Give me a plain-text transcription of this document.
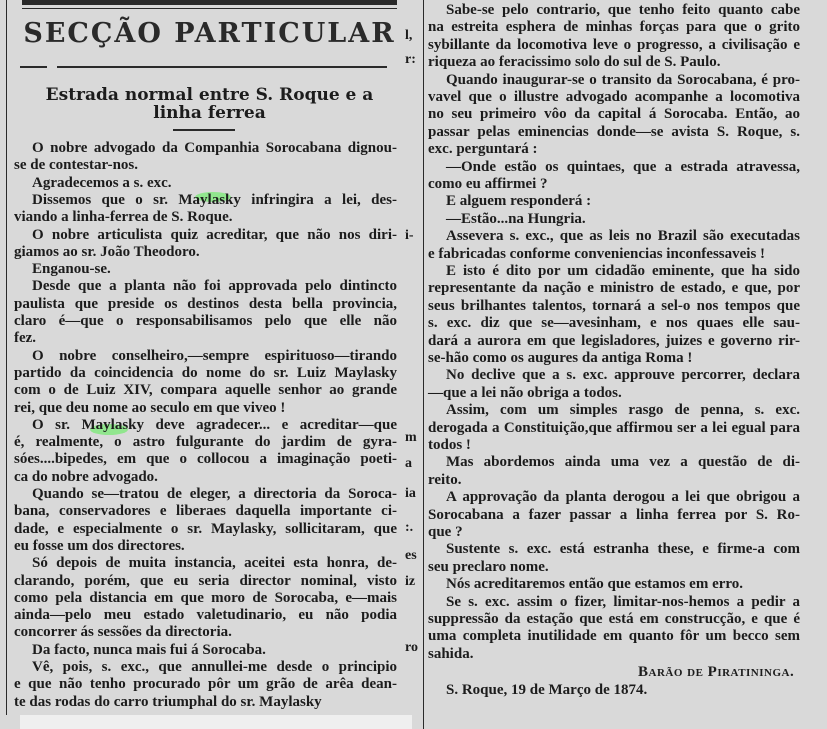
SECÇÃO PARTICULAR
Estrada normal entre S. Roque e a
linha ferrea
O nobre advogado da Companhia Sorocabana dignou-
se de contestar-nos.
Agradecemos a s. exc.
Dissemos que o sr. Maylasky infringira a lei, des-
viando a linha-ferrea de S. Roque.
O nobre articulista quiz acreditar, que não nos diri-
giamos ao sr. João Theodoro.
Enganou-se.
Desde que a planta não foi approvada pelo dintincto
paulista que preside os destinos desta bella provincia,
claro é—que o responsabilisamos pelo que elle não
fez.
O nobre conselheiro,—sempre espirituoso—tirando
partido da coincidencia do nome do sr. Luiz Maylasky
com o de Luiz XIV, compara aquelle senhor ao grande
rei, que deu nome ao seculo em que viveo !
O sr. Maylasky deve agradecer... e acreditar—que
é, realmente, o astro fulgurante do jardim de gyra-
sóes....bipedes, em que o collocou a imaginação poeti-
ca do nobre advogado.
Quando se—tratou de eleger, a directoria da Soroca-
bana, conservadores e liberaes daquella importante ci-
dade, e especialmente o sr. Maylasky, sollicitaram, que
eu fosse um dos directores.
Só depois de muita instancia, aceitei esta honra, de-
clarando, porém, que eu seria director nominal, visto
como pela distancia em que moro de Sorocaba, e—mais
ainda—pelo meu estado valetudinario, eu não podia
concorrer ás sessões da directoria.
Da facto, nunca mais fui á Sorocaba.
Vê, pois, s. exc., que annullei-me desde o principio
e que não tenho procurado pôr um grão de arêa dean-
te das rodas do carro triumphal do sr. Maylasky
Sabe-se pelo contrario, que tenho feito quanto cabe
na estreita esphera de minhas forças para que o grito
sybillante da locomotiva leve o progresso, a civilisação e
riqueza ao feracissimo solo do sul de S. Paulo.
Quando inaugurar-se o transito da Sorocabana, é pro-
vavel que o illustre advogado acompanhe a locomotiva
no seu primeiro vôo da capital á Sorocaba. Então, ao
passar pelas eminencias donde—se avista S. Roque, s.
exc. perguntará :
—Onde estão os quintaes, que a estrada atravessa,
como eu affirmei ?
E alguem responderá :
—Estão...na Hungria.
Assevera s. exc., que as leis no Brazil são executadas
e fabricadas conforme conveniencias inconfessaveis !
E isto é dito por um cidadão eminente, que ha sido
representante da nação e ministro de estado, e que, por
seus brilhantes talentos, tornará a sel-o nos tempos que
s. exc. diz que se—avesinham, e nos quaes elle sau-
dará a aurora em que legisladores, juizes e governo rir-
se-hão como os augures da antiga Roma !
No declive que a s. exc. approuve percorrer, declara
—que a lei não obriga a todos.
Assim, com um simples rasgo de penna, s. exc.
derogada a Constituição,que affirmou ser a lei egual para
todos !
Mas abordemos ainda uma vez a questão de di-
reito.
A approvação da planta derogou a lei que obrigou a
Sorocabana a fazer passar a linha ferrea por S. Ro-
que ?
Sustente s. exc. está estranha these, e firme-a com
seu preclaro nome.
Nós acreditaremos então que estamos em erro.
Se s. exc. assim o fizer, limitar-nos-hemos a pedir a
suppressão da estação que está em construcção, e que é
uma completa inutilidade em quanto fôr um becco sem
sahida.
Barão de Piratininga.
S. Roque, 19 de Março de 1874.
l,
r:
i-
m
a
ia
:.
es
iz
ro
